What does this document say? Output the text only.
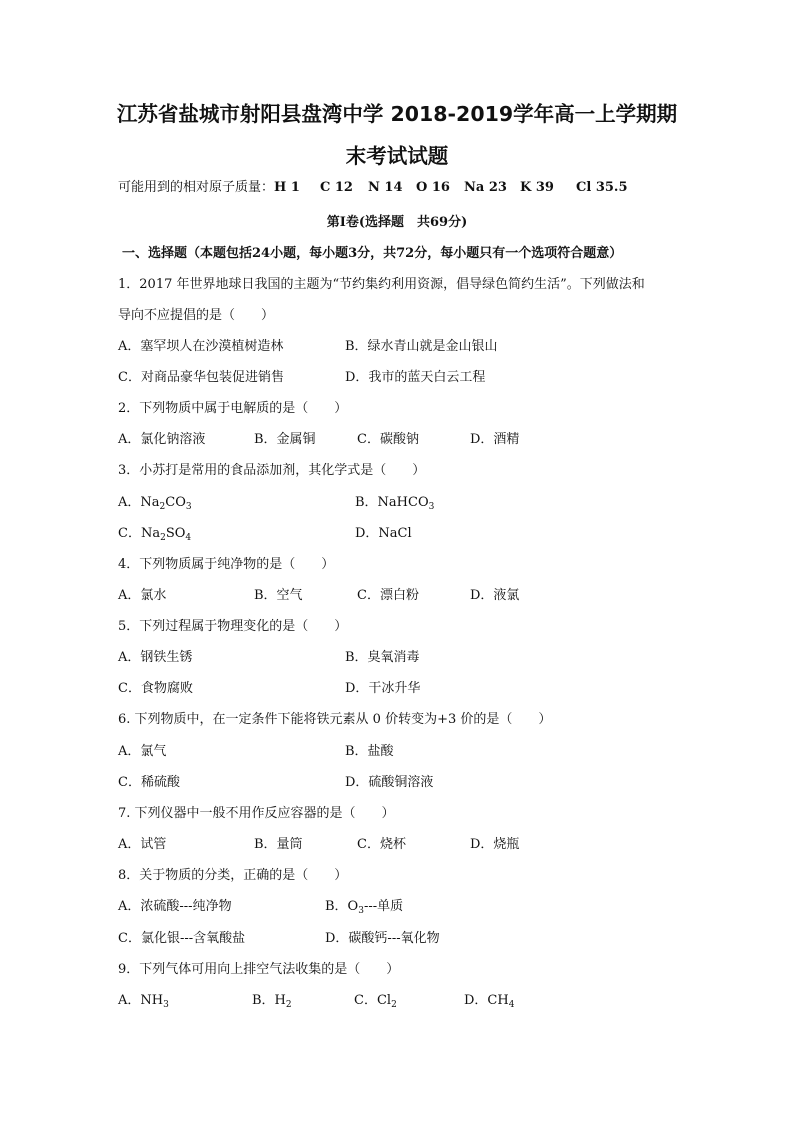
江苏省盐城市射阳县盘湾中学 2018-2019学年高一上学期期
末考试试题
可能用到的相对原子质量：H 1 C 12 N 14 O 16 Na 23 K 39 Cl 35.5
第Ⅰ卷(选择题　共69分)
一、选择题（本题包括24小题，每小题3分，共72分，每小题只有一个选项符合题意）
1．2017 年世界地球日我国的主题为“节约集约利用资源，倡导绿色简约生活”。下列做法和
导向不应提倡的是（　　）
A．塞罕坝人在沙漠植树造林	B．绿水青山就是金山银山
C．对商品豪华包装促进销售	D．我市的蓝天白云工程
2．下列物质中属于电解质的是（　　）
A．氯化钠溶液	B．金属铜	C．碳酸钠	D．酒精
3．小苏打是常用的食品添加剂，其化学式是（　　）
A．$Na_2CO_3$	B．NaHCO$_3$
C．$Na_2SO_4$	D．NaCl
4．下列物质属于纯净物的是（　　）
A．氯水	B．空气	C．漂白粉	D．液氯
5．下列过程属于物理变化的是（　　）
A．钢铁生锈	B．臭氧消毒
C．食物腐败	D．干冰升华
6. 下列物质中，在一定条件下能将铁元素从 0 价转变为+3 价的是（　　）
A．氯气	B．盐酸
C．稀硫酸	D．硫酸铜溶液
7. 下列仪器中一般不用作反应容器的是（　　）
A．试管	B．量筒	C．烧杯	D．烧瓶
8．关于物质的分类，正确的是（　　）
A．浓硫酸---纯净物	B．$O_3---$单质
C．氯化银---含氧酸盐	D．碳酸钙---氧化物
9．下列气体可用向上排空气法收集的是（　　）
A．$NH_3$	B．$H_2$	C．$Cl_2$	D．$CH_4$
